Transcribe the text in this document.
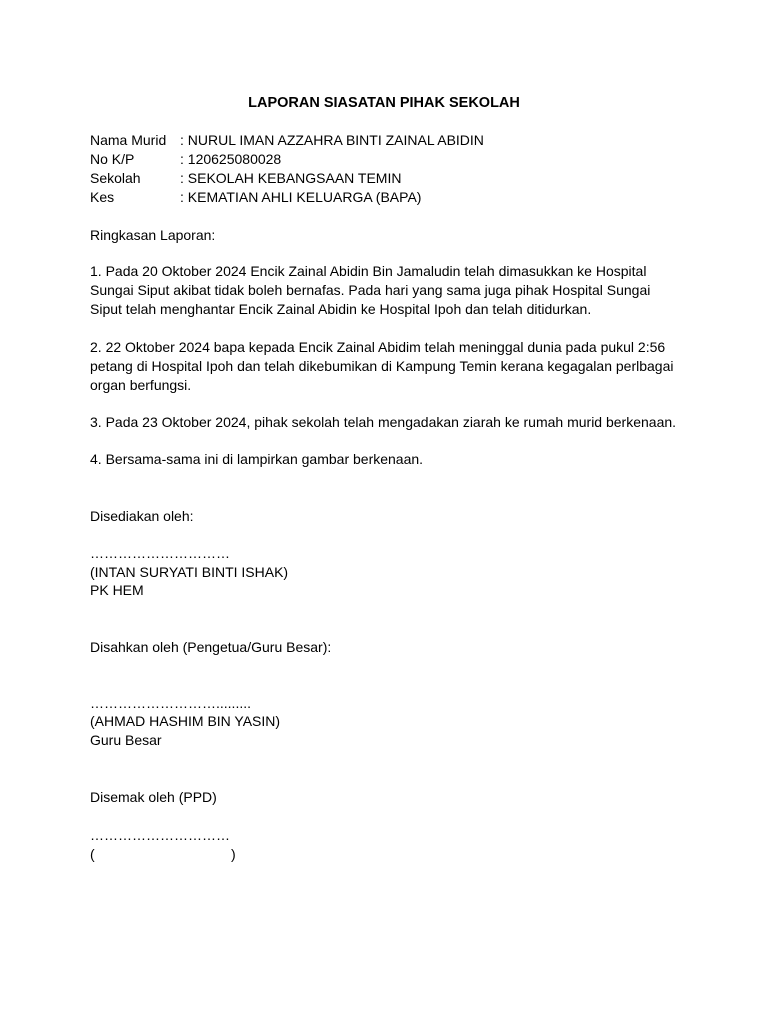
LAPORAN SIASATAN PIHAK SEKOLAH
Nama Murid : NURUL IMAN AZZAHRA BINTI ZAINAL ABIDIN
No K/P	: 120625080028
Sekolah	: SEKOLAH KEBANGSAAN TEMIN
Kes	: KEMATIAN AHLI KELUARGA (BAPA)
Ringkasan Laporan:
1. Pada 20 Oktober 2024 Encik Zainal Abidin Bin Jamaludin telah dimasukkan ke Hospital
Sungai Siput akibat tidak boleh bernafas. Pada hari yang sama juga pihak Hospital Sungai
Siput telah menghantar Encik Zainal Abidin ke Hospital Ipoh dan telah ditidurkan.
2. 22 Oktober 2024 bapa kepada Encik Zainal Abidim telah meninggal dunia pada pukul 2:56
petang di Hospital Ipoh dan telah dikebumikan di Kampung Temin kerana kegagalan perlbagai
organ berfungsi.
3. Pada 23 Oktober 2024, pihak sekolah telah mengadakan ziarah ke rumah murid berkenaan.
4. Bersama-sama ini di lampirkan gambar berkenaan.
Disediakan oleh:
…………………………
(INTAN SURYATI BINTI ISHAK)
PK HEM
Disahkan oleh (Pengetua/Guru Besar):
……………………….........
(AHMAD HASHIM BIN YASIN)
Guru Besar
Disemak oleh (PPD)
…………………………
(	)
